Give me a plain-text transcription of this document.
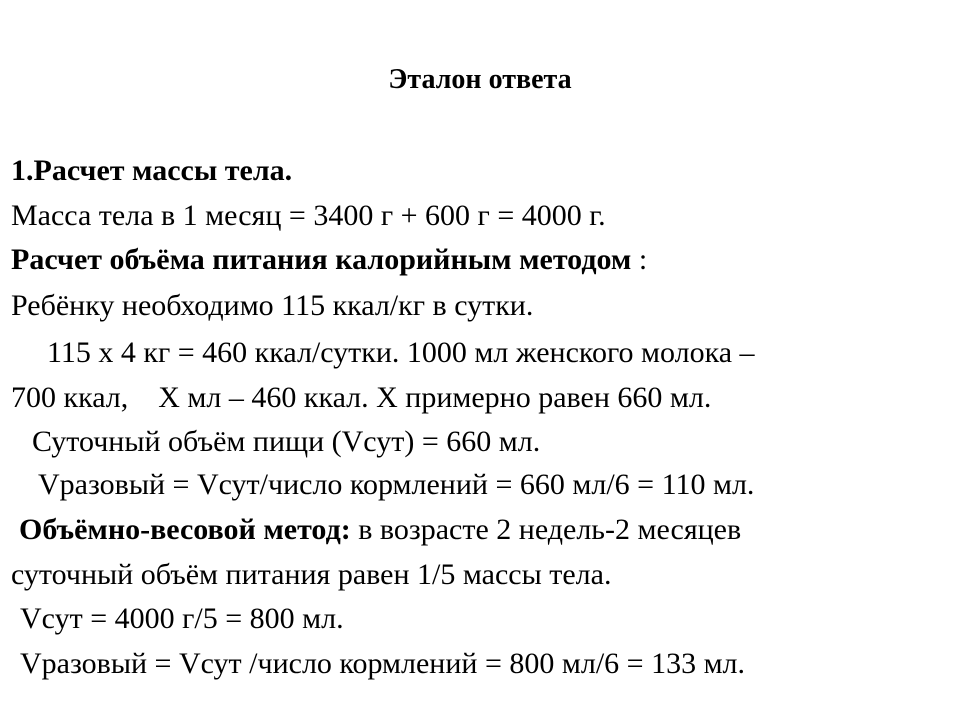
Эталон ответа
1.Расчет массы тела.
Масса тела в 1 месяц = 3400 г + 600 г = 4000 г.
Расчет объёма питания калорийным методом :
Ребёнку необходимо 115 ккал/кг в сутки.
115 х 4 кг = 460 ккал/сутки. 1000 мл женского молока –
700 ккал,    Х мл – 460 ккал. Х примерно равен 660 мл.
Суточный объём пищи (Vсут) = 660 мл.
Vразовый = Vсут/число кормлений = 660 мл/6 = 110 мл.
Объёмно-весовой метод: в возрасте 2 недель-2 месяцев
суточный объём питания равен 1/5 массы тела.
Vсут = 4000 г/5 = 800 мл.
Vразовый = Vсут /число кормлений = 800 мл/6 = 133 мл.
